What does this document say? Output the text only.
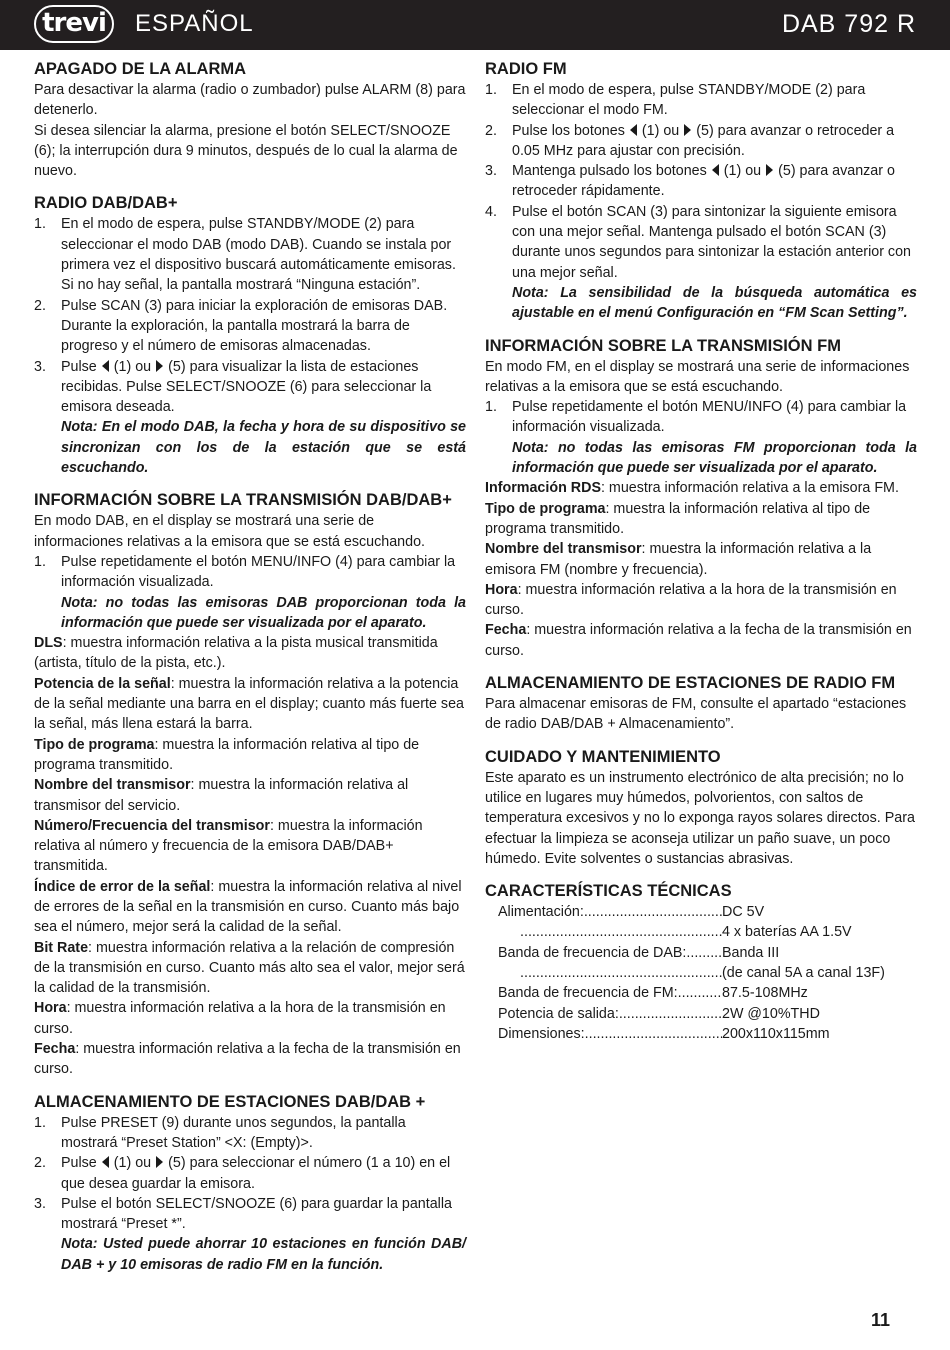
trevi	ESPAÑOL	DAB 792 R
APAGADO DE LA ALARMA

Para desactivar la alarma (radio o zumbador) pulse ALARM (8) para detenerlo.

Si desea silenciar la alarma, presione el botón SELECT/SNOOZE (6); la interrupción dura 9 minutos, después de lo cual la alarma de nuevo.

RADIO DAB/DAB+
1. En el modo de espera, pulse STANDBY/MODE (2) para seleccionar el modo DAB (modo DAB). Cuando se instala por primera vez el dispositivo buscará automáticamente emisoras. Si no hay señal, la pantalla mostrará “Ninguna estación”.
2. Pulse SCAN (3) para iniciar la exploración de emisoras DAB. Durante la exploración, la pantalla mostrará la barra de progreso y el número de emisoras almacenadas.
3. Pulse (1) ou (5) para visualizar la lista de estaciones recibidas. Pulse SELECT/SNOOZE (6) para seleccionar la emisora deseada.

Nota: En el modo DAB, la fecha y hora de su dispositivo se sincronizan con los de la estación que se está escuchando.

INFORMACIÓN SOBRE LA TRANSMISIÓN DAB/DAB+

En modo DAB, en el display se mostrará una serie de informaciones relativas a la emisora que se está escuchando.

1. Pulse repetidamente el botón MENU/INFO (4) para cambiar la información visualizada.

Nota: no todas las emisoras DAB proporcionan toda la información que puede ser visualizada por el aparato.

DLS: muestra información relativa a la pista musical transmitida (artista, título de la pista, etc.).

Potencia de la señal: muestra la información relativa a la potencia de la señal mediante una barra en el display; cuanto más fuerte sea la señal, más llena estará la barra.

Tipo de programa: muestra la información relativa al tipo de programa transmitido.

Nombre del transmisor: muestra la información relativa al transmisor del servicio.

Número/Frecuencia del transmisor: muestra la información relativa al número y frecuencia de la emisora DAB/DAB+ transmitida.

Índice de error de la señal: muestra la información relativa al nivel de errores de la señal en la transmisión en curso. Cuanto más bajo sea el número, mejor será la calidad de la señal.

Bit Rate: muestra información relativa a la relación de compresión de la transmisión en curso. Cuanto más alto sea el valor, mejor será la calidad de la transmisión.

Hora: muestra información relativa a la hora de la transmisión en curso.

Fecha: muestra información relativa a la fecha de la transmisión en curso.

ALMACENAMIENTO DE ESTACIONES DAB/DAB +
1. Pulse PRESET (9) durante unos segundos, la pantalla mostrará “Preset Station” <X: (Empty)>.
2. Pulse (1) ou (5) para seleccionar el número (1 a 10) en el que desea guardar la emisora.
3. Pulse el botón SELECT/SNOOZE (6) para guardar la pantalla mostrará “Preset *”.

Nota: Usted puede ahorrar 10 estaciones en función DAB/ DAB + y 10 emisoras de radio FM en la función.

RADIO FM
1. En el modo de espera, pulse STANDBY/MODE (2) para seleccionar el modo FM.
2. Pulse los botones (1) ou (5) para avanzar o retroceder a 0.05 MHz para ajustar con precisión.
3. Mantenga pulsado los botones (1) ou (5) para avanzar o retroceder rápidamente.
4. Pulse el botón SCAN (3) para sintonizar la siguiente emisora con una mejor señal. Mantenga pulsado el botón SCAN (3) durante unos segundos para sintonizar la estación anterior con una mejor señal.

Nota: La sensibilidad de la búsqueda automática es ajustable en el menú Configuración en “FM Scan Setting”.

INFORMACIÓN SOBRE LA TRANSMISIÓN FM

En modo FM, en el display se mostrará una serie de informaciones relativas a la emisora que se está escuchando.

1. Pulse repetidamente el botón MENU/INFO (4) para cambiar la información visualizada.

Nota: no todas las emisoras FM proporcionan toda la información que puede ser visualizada por el aparato.

Información RDS: muestra información relativa a la emisora FM.

Tipo de programa: muestra la información relativa al tipo de programa transmitido.

Nombre del transmisor: muestra la información relativa a la emisora FM (nombre y frecuencia).

Hora: muestra información relativa a la hora de la transmisión en curso.

Fecha: muestra información relativa a la fecha de la transmisión en curso.

ALMACENAMIENTO DE ESTACIONES DE RADIO FM

Para almacenar emisoras de FM, consulte el apartado “estaciones de radio DAB/DAB + Almacenamiento”.

CUIDADO Y MANTENIMIENTO

Este aparato es un instrumento electrónico de alta precisión; no lo utilice en lugares muy húmedos, polvorientos, con saltos de temperatura excesivos y no lo exponga rayos solares directos. Para efectuar la limpieza se aconseja utilizar un paño suave, un poco húmedo. Evite solventes o sustancias abrasivas.

CARACTERÍSTICAS TÉCNICAS
Alimentación: .....	DC 5V
.....
4 x baterías AA 1.5V
Banda de frecuencia de DAB: ..... Banda III
.....
(de canal 5A a canal 13F)
Banda de frecuencia de FM: .....	87.5-108MHz
Potencia de salida: .....	2W @10%THD
Dimensiones: .....	200x110x115mm
11
